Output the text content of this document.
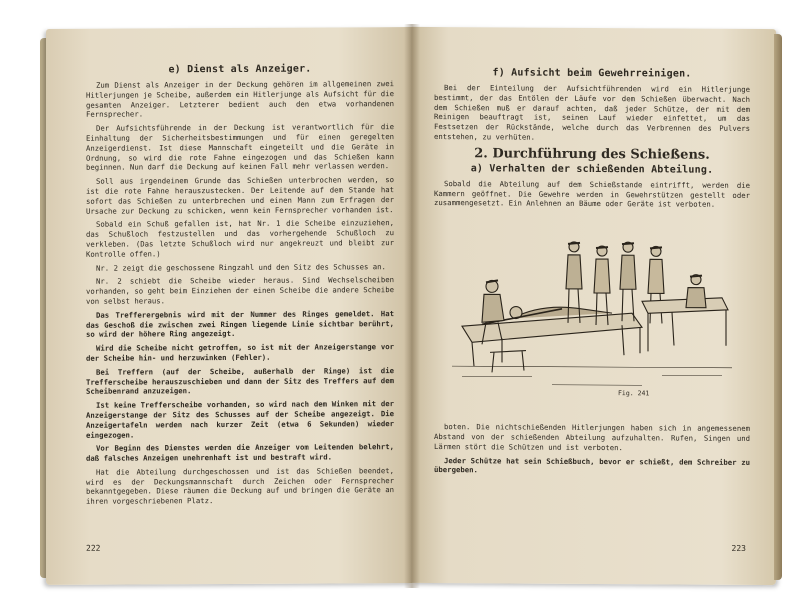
e) Dienst als Anzeiger.

Zum Dienst als Anzeiger in der Deckung gehören im allgemeinen zwei Hitlerjungen je Scheibe, außerdem ein Hitlerjunge als Aufsicht für die gesamten Anzeiger. Letzterer bedient auch den etwa vorhandenen Fernsprecher.

Der Aufsichtsführende in der Deckung ist verantwortlich für die Einhaltung der Sicherheitsbestimmungen und für einen geregelten Anzeigerdienst. Ist diese Mannschaft eingeteilt und die Geräte in Ordnung, so wird die rote Fahne eingezogen und das Schießen kann beginnen. Nun darf die Deckung auf keinen Fall mehr verlassen werden.

Soll aus irgendeinem Grunde das Schießen unterbrochen werden, so ist die rote Fahne herauszustecken. Der Leitende auf dem Stande hat sofort das Schießen zu unterbrechen und einen Mann zum Erfragen der Ursache zur Deckung zu schicken, wenn kein Fernsprecher vorhanden ist.

Sobald ein Schuß gefallen ist, hat Nr. 1 die Scheibe einzuziehen, das Schußloch festzustellen und das vorhergehende Schußloch zu verkleben. (Das letzte Schußloch wird nur angekreuzt und bleibt zur Kontrolle offen.)

Nr. 2 zeigt die geschossene Ringzahl und den Sitz des Schusses an.

Nr. 2 schiebt die Scheibe wieder heraus. Sind Wechselscheiben vorhanden, so geht beim Einziehen der einen Scheibe die andere Scheibe von selbst heraus.

Das Trefferergebnis wird mit der Nummer des Ringes gemeldet. Hat das Geschoß die zwischen zwei Ringen liegende Linie sichtbar berührt, so wird der höhere Ring angezeigt.

Wird die Scheibe nicht getroffen, so ist mit der Anzeigerstange vor der Scheibe hin- und herzuwinken (Fehler).

Bei Treffern (auf der Scheibe, außerhalb der Ringe) ist die Trefferscheibe herauszuschieben und dann der Sitz des Treffers auf dem Scheibenrand anzuzeigen.

Ist keine Trefferscheibe vorhanden, so wird nach dem Winken mit der Anzeigerstange der Sitz des Schusses auf der Scheibe angezeigt. Die Anzeigertafeln werden nach kurzer Zeit (etwa 6 Sekunden) wieder eingezogen.

Vor Beginn des Dienstes werden die Anzeiger vom Leitenden belehrt, daß falsches Anzeigen unehrenhaft ist und bestraft wird.

Hat die Abteilung durchgeschossen und ist das Schießen beendet, wird es der Deckungsmannschaft durch Zeichen oder Fernsprecher bekanntgegeben. Diese räumen die Deckung auf und bringen die Geräte an ihren vorgeschriebenen Platz.

222
f) Aufsicht beim Gewehrreinigen.

Bei der Einteilung der Aufsichtführenden wird ein Hitlerjunge bestimmt, der das Entölen der Läufe vor dem Schießen überwacht. Nach dem Schießen muß er darauf achten, daß jeder Schütze, der mit dem Reinigen beauftragt ist, seinen Lauf wieder einfettet, um das Festsetzen der Rückstände, welche durch das Verbrennen des Pulvers entstehen, zu verhüten.

2. Durchführung des Schießens.
a) Verhalten der schießenden Abteilung.

Sobald die Abteilung auf dem Schießstande eintrifft, werden die Kammern geöffnet. Die Gewehre werden in Gewehrstützen gestellt oder zusammengesetzt. Ein Anlehnen an Bäume oder Geräte ist verboten.

Fig. 241

boten. Die nichtschießenden Hitlerjungen haben sich in angemessenem Abstand von der schießenden Abteilung aufzuhalten. Rufen, Singen und Lärmen stört die Schützen und ist verboten.

Jeder Schütze hat sein Schießbuch, bevor er schießt, dem Schreiber zu übergeben.

223
